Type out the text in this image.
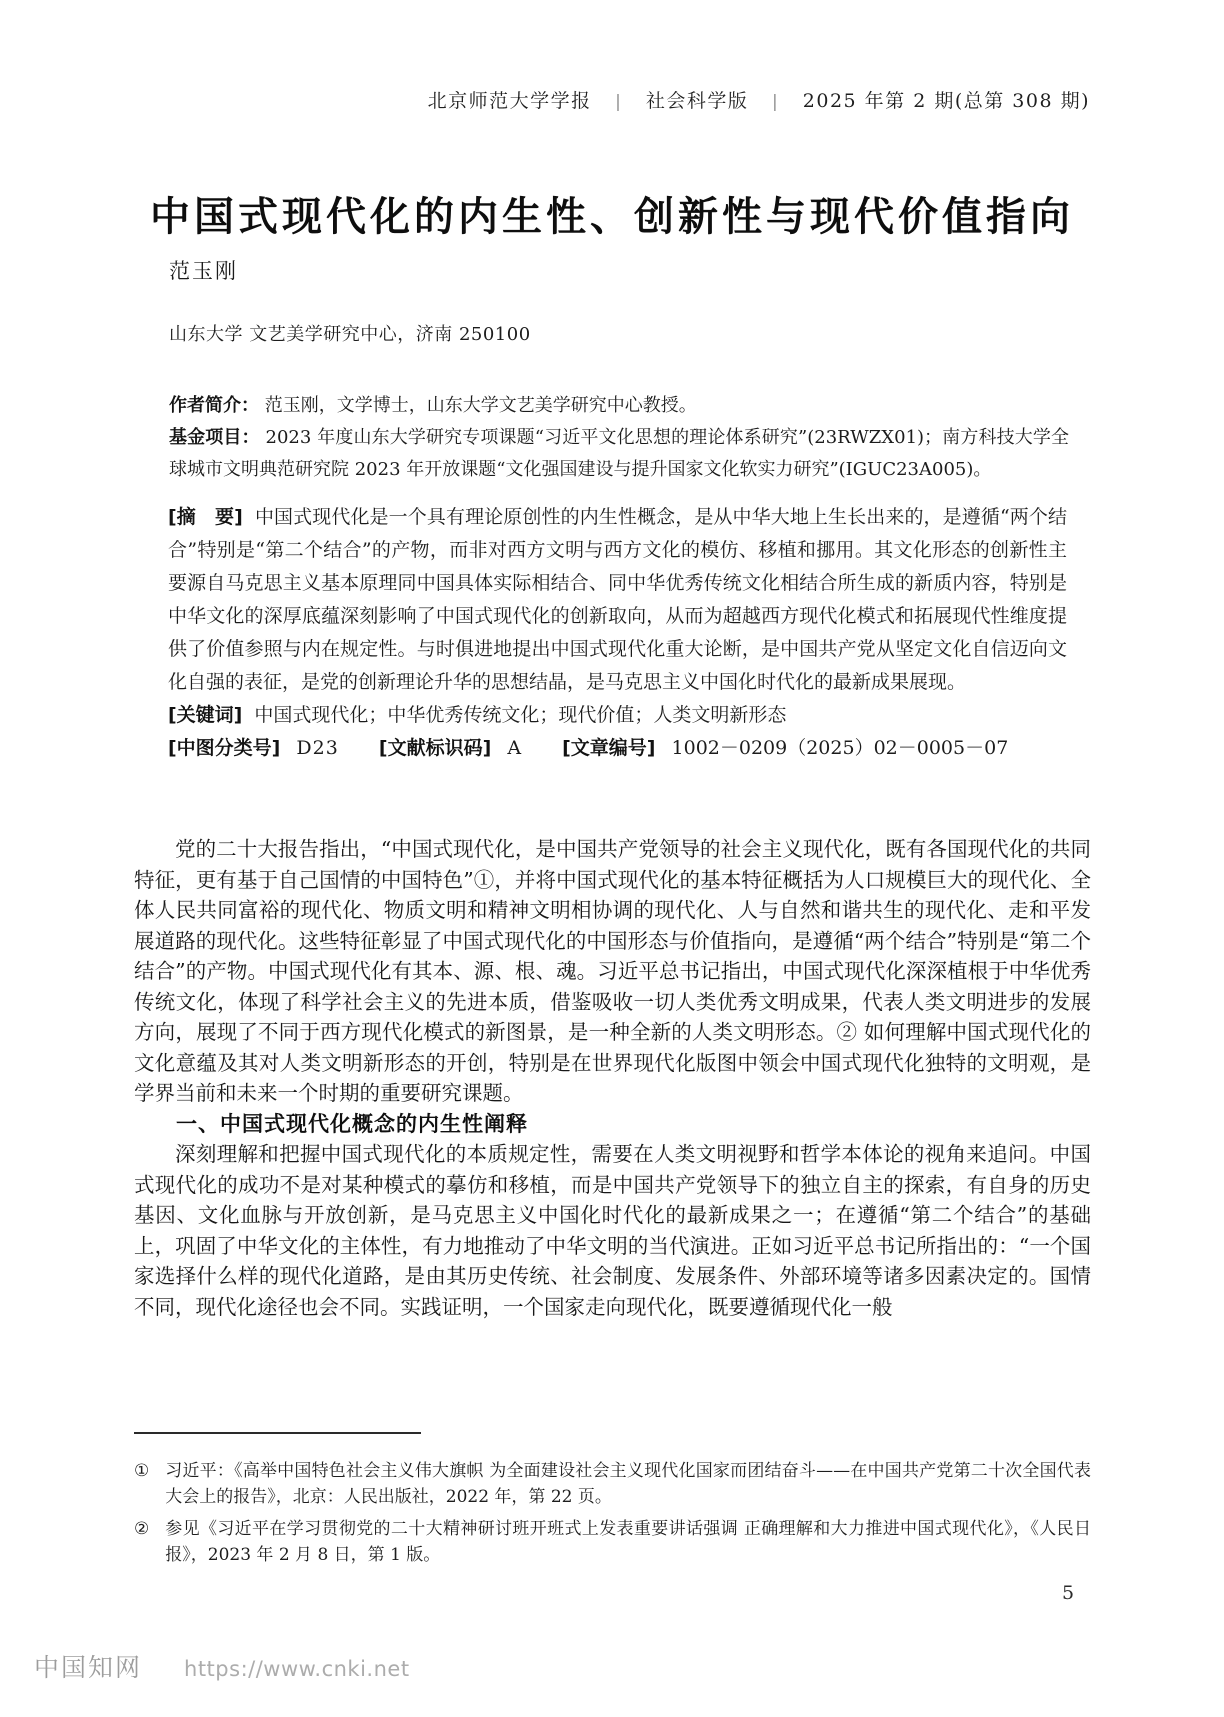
北京师范大学学报 | 社会科学版 | 2025 年第 2 期(总第 308 期)
中国式现代化的内生性、创新性与现代价值指向
范玉刚
山东大学 文艺美学研究中心，济南 250100

作者简介： 范玉刚，文学博士，山东大学文艺美学研究中心教授。

基金项目： 2023 年度山东大学研究专项课题“习近平文化思想的理论体系研究”(23RWZX01)；南方科技大学全球城市文明典范研究院 2023 年开放课题“文化强国建设与提升国家文化软实力研究”(IGUC23A005)。

[摘　要] 中国式现代化是一个具有理论原创性的内生性概念，是从中华大地上生长出来的，是遵循“两个结合”特别是“第二个结合”的产物，而非对西方文明与西方文化的模仿、移植和挪用。其文化形态的创新性主要源自马克思主义基本原理同中国具体实际相结合、同中华优秀传统文化相结合所生成的新质内容，特别是中华文化的深厚底蕴深刻影响了中国式现代化的创新取向，从而为超越西方现代化模式和拓展现代性维度提供了价值参照与内在规定性。与时俱进地提出中国式现代化重大论断，是中国共产党从坚定文化自信迈向文化自强的表征，是党的创新理论升华的思想结晶，是马克思主义中国化时代化的最新成果展现。

[关键词] 中国式现代化；中华优秀传统文化；现代价值；人类文明新形态

[中图分类号] D23 [文献标识码] A [文章编号] 1002－0209（2025）02－0005－07

党的二十大报告指出，“中国式现代化，是中国共产党领导的社会主义现代化，既有各国现代化的共同特征，更有基于自己国情的中国特色”①，并将中国式现代化的基本特征概括为人口规模巨大的现代化、全体人民共同富裕的现代化、物质文明和精神文明相协调的现代化、人与自然和谐共生的现代化、走和平发展道路的现代化。这些特征彰显了中国式现代化的中国形态与价值指向，是遵循“两个结合”特别是“第二个结合”的产物。中国式现代化有其本、源、根、魂。习近平总书记指出，中国式现代化深深植根于中华优秀传统文化，体现了科学社会主义的先进本质，借鉴吸收一切人类优秀文明成果，代表人类文明进步的发展方向，展现了不同于西方现代化模式的新图景，是一种全新的人类文明形态。② 如何理解中国式现代化的文化意蕴及其对人类文明新形态的开创，特别是在世界现代化版图中领会中国式现代化独特的文明观，是学界当前和未来一个时期的重要研究课题。

一、中国式现代化概念的内生性阐释

深刻理解和把握中国式现代化的本质规定性，需要在人类文明视野和哲学本体论的视角来追问。中国式现代化的成功不是对某种模式的摹仿和移植，而是中国共产党领导下的独立自主的探索，有自身的历史基因、文化血脉与开放创新，是马克思主义中国化时代化的最新成果之一；在遵循“第二个结合”的基础上，巩固了中华文化的主体性，有力地推动了中华文明的当代演进。正如习近平总书记所指出的：“一个国家选择什么样的现代化道路，是由其历史传统、社会制度、发展条件、外部环境等诸多因素决定的。国情不同，现代化途径也会不同。实践证明，一个国家走向现代化，既要遵循现代化一般

① 习近平：《高举中国特色社会主义伟大旗帜 为全面建设社会主义现代化国家而团结奋斗——在中国共产党第二十次全国代表大会上的报告》，北京：人民出版社，2022 年，第 22 页。
② 参见《习近平在学习贯彻党的二十大精神研讨班开班式上发表重要讲话强调 正确理解和大力推进中国式现代化》，《人民日报》，2023 年 2 月 8 日，第 1 版。
5
中国知网 https://www.cnki.net
